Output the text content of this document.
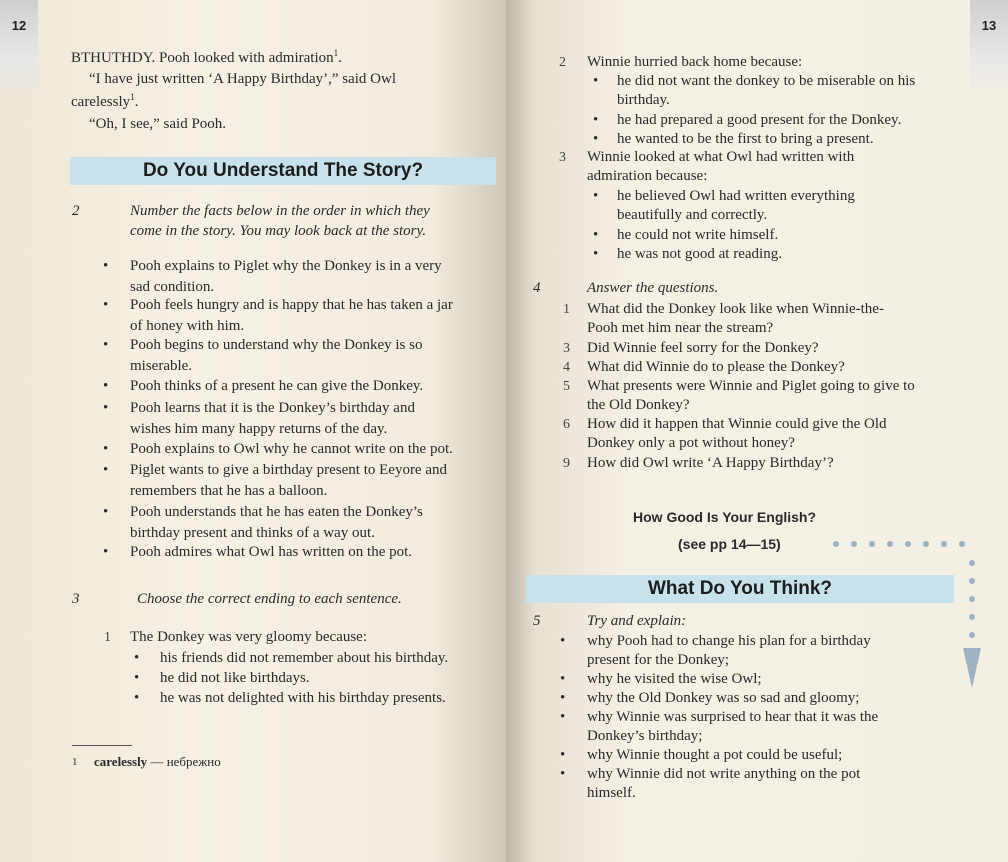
12
BTHUTHDY. Pooh looked with admiration$^1$.
“I have just written ‘A Happy Birthday’,” said Owl
carelessly$^1$.
“Oh, I see,” said Pooh.
Do You Understand The Story?
2	Number the facts below in the order in which they
come in the story. You may look back at the story.
• Pooh explains to Piglet why the Donkey is in a very
sad condition.
• Pooh feels hungry and is happy that he has taken a jar
of honey with him.
• Pooh begins to understand why the Donkey is so
miserable.
• Pooh thinks of a present he can give the Donkey.
• Pooh learns that it is the Donkey’s birthday and
wishes him many happy returns of the day.
• Pooh explains to Owl why he cannot write on the pot.
• Piglet wants to give a birthday present to Eeyore and
remembers that he has a balloon.
• Pooh understands that he has eaten the Donkey’s
birthday present and thinks of a way out.
• Pooh admires what Owl has written on the pot.
3	Choose the correct ending to each sentence.
1 The Donkey was very gloomy because:
• his friends did not remember about his birthday.
• he did not like birthdays.
• he was not delighted with his birthday presents.
1 carelessly — небрежно
13
2 Winnie hurried back home because:
• he did not want the donkey to be miserable on his
birthday.
• he had prepared a good present for the Donkey.
• he wanted to be the first to bring a present.
3 Winnie looked at what Owl had written with
admiration because:
• he believed Owl had written everything
beautifully and correctly.
• he could not write himself.
• he was not good at reading.
4	Answer the questions.
1 What did the Donkey look like when Winnie-the-
Pooh met him near the stream?
3 Did Winnie feel sorry for the Donkey?
4 What did Winnie do to please the Donkey?
5 What presents were Winnie and Piglet going to give to
the Old Donkey?
6 How did it happen that Winnie could give the Old
Donkey only a pot without honey?
9 How did Owl write ‘A Happy Birthday’?
How Good Is Your English?
(see pp 14—15)
What Do You Think?
5	Try and explain:
• why Pooh had to change his plan for a birthday
present for the Donkey;
• why he visited the wise Owl;
• why the Old Donkey was so sad and gloomy;
• why Winnie was surprised to hear that it was the
Donkey’s birthday;
• why Winnie thought a pot could be useful;
• why Winnie did not write anything on the pot
himself.
